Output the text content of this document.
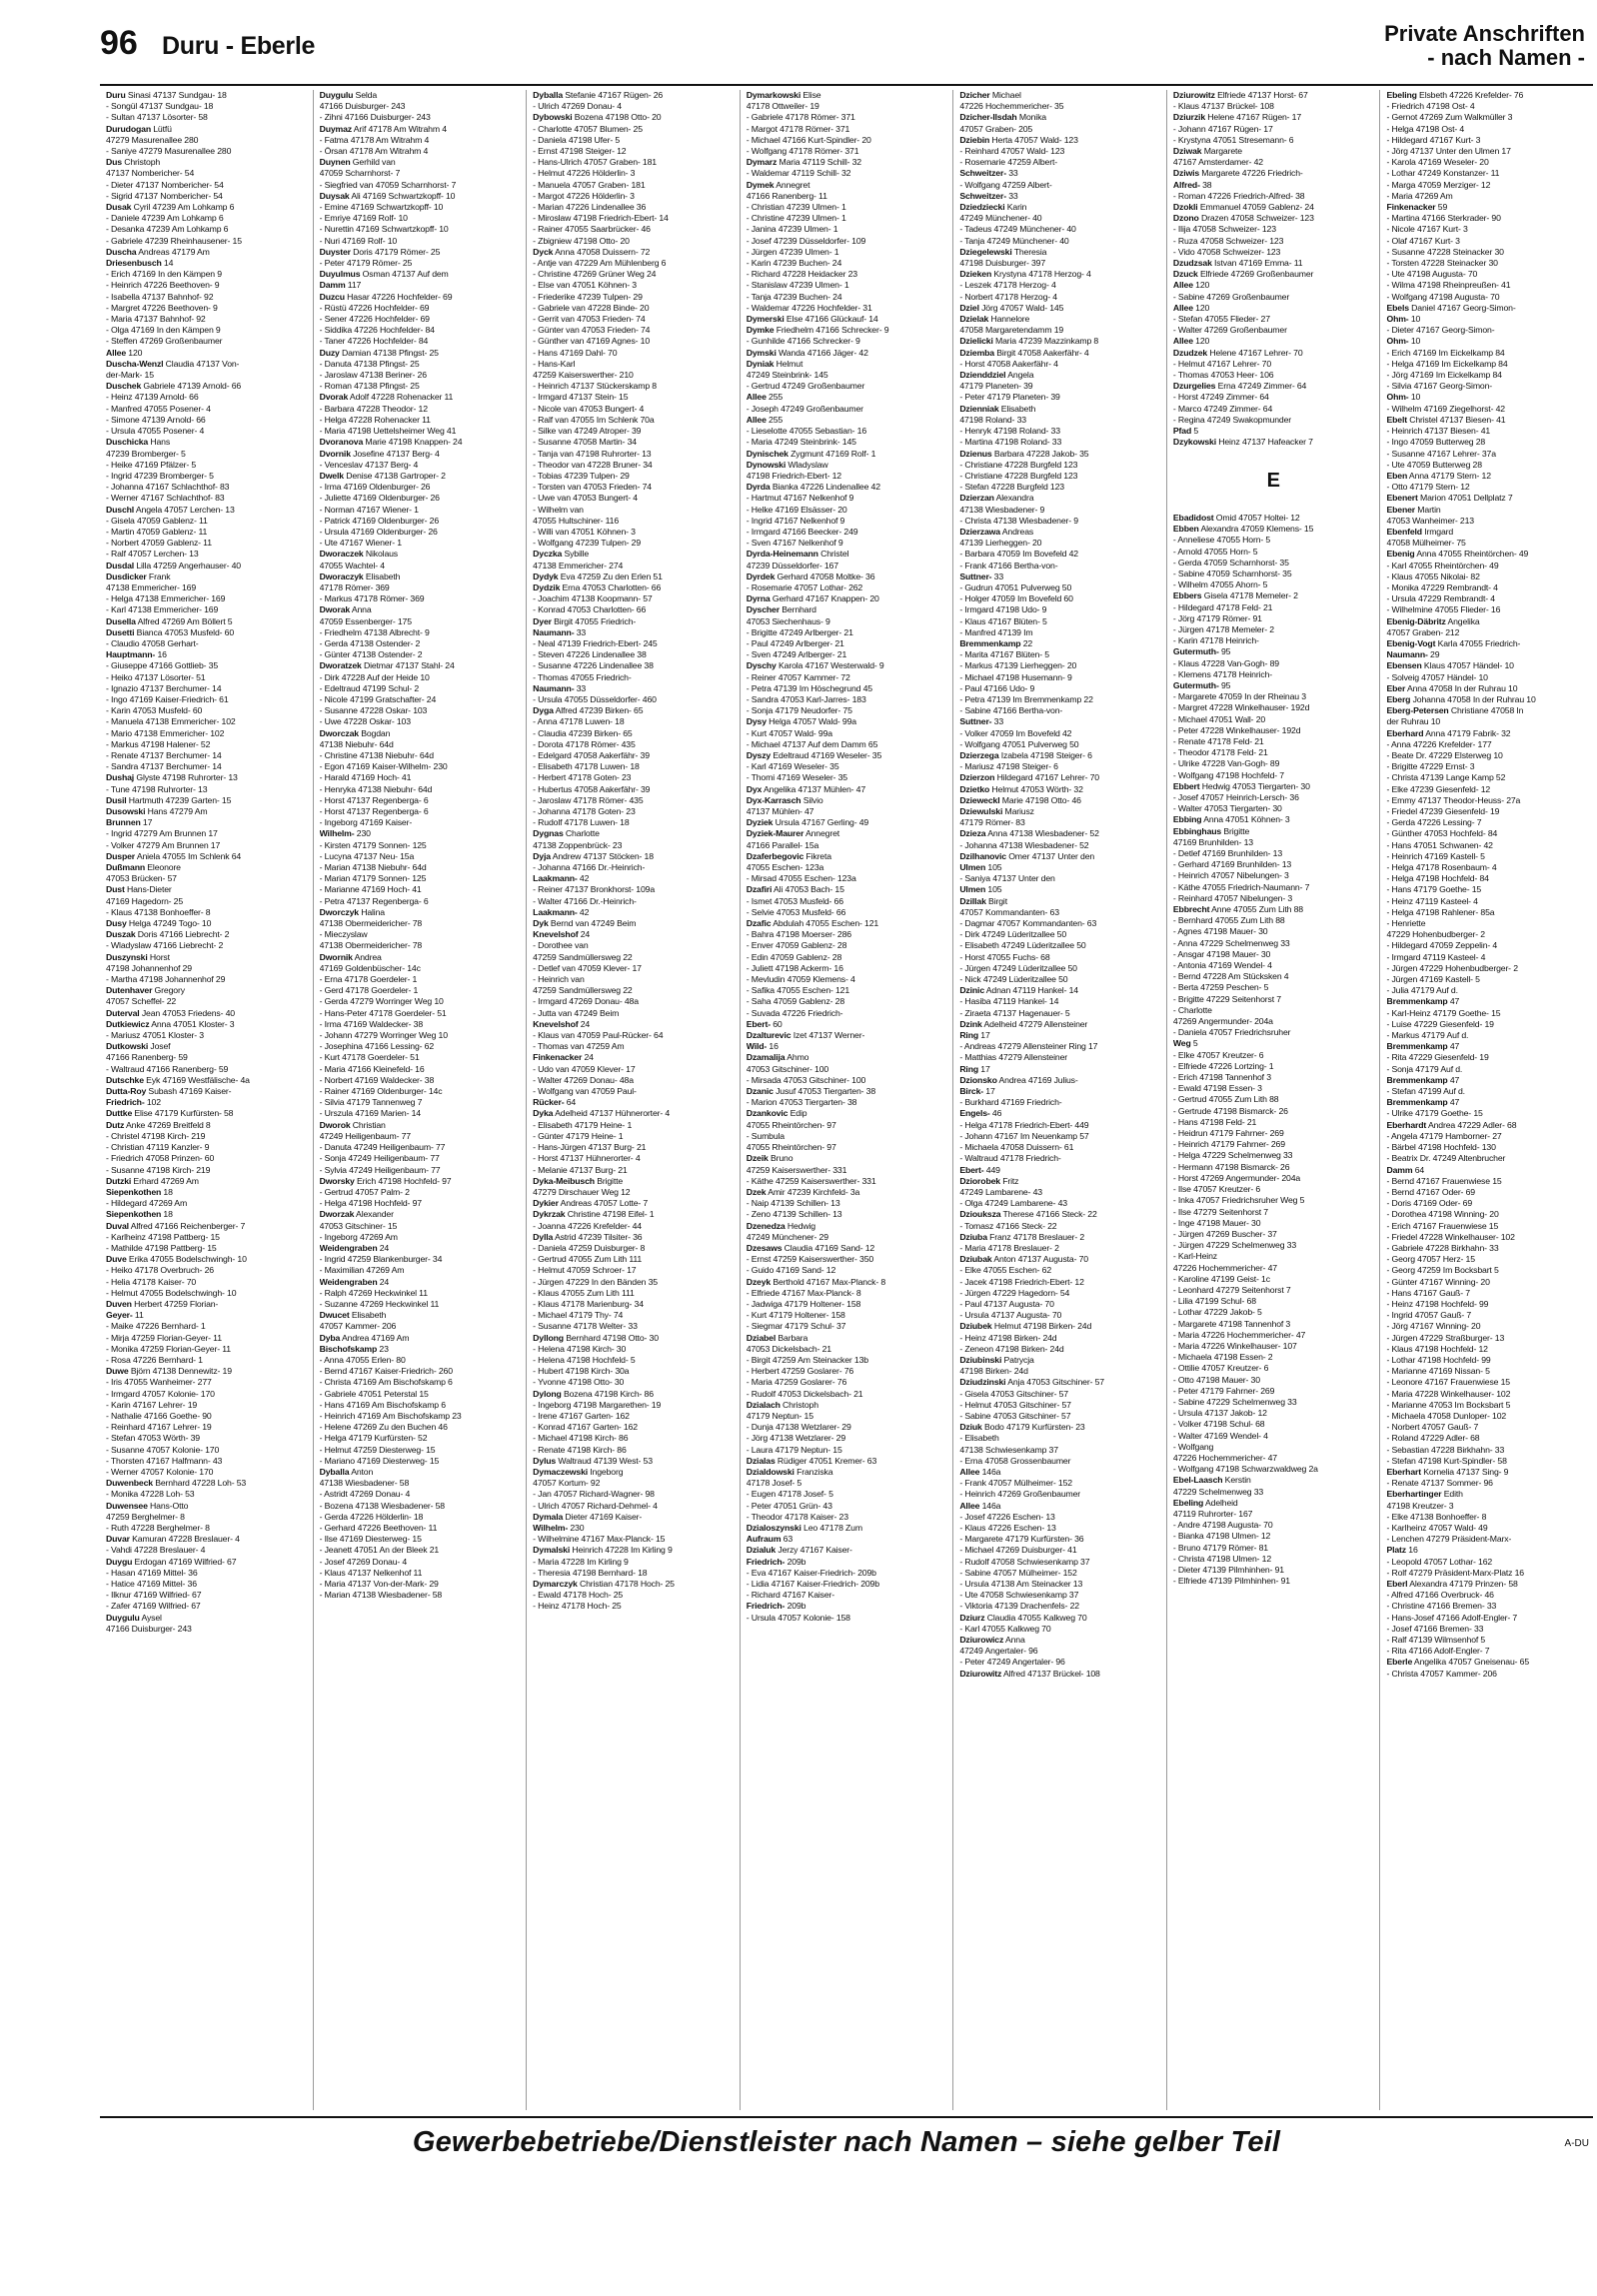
96 Duru - Eberle	Private Anschriften
- nach Namen -
Duru Sinasi 47137 Sundgau- 18
- Songül 47137 Sundgau- 18
- Sultan 47137 Lösorter- 58
Durudogan Lütfü
47279 Masurenallee 280
- Saniye 47279 Masurenallee 280
Dus Christoph
47137 Nombericher- 54
- Dieter 47137 Nombericher- 54
- Sigrid 47137 Nombericher- 54
Dusak Cyril 47239 Am Lohkamp 6
- Daniele 47239 Am Lohkamp 6
- Desanka 47239 Am Lohkamp 6
- Gabriele 47239 Rheinhausener- 15
Duscha Andreas 47179 Am
Driesenbusch 14
- Erich 47169 In den Kämpen 9
- Heinrich 47226 Beethoven- 9
- Isabella 47137 Bahnhof- 92
- Margret 47226 Beethoven- 9
- Maria 47137 Bahnhof- 92
- Olga 47169 In den Kämpen 9
- Steffen 47269 Großenbaumer
Allee 120
Duscha-Wenzl Claudia 47137 Von-
der-Mark- 15
Duschek Gabriele 47139 Arnold- 66
- Heinz 47139 Arnold- 66
- Manfred 47055 Posener- 4
- Simone 47139 Arnold- 66
- Ursula 47055 Posener- 4
Duschicka Hans
47239 Bromberger- 5
- Heike 47169 Pfälzer- 5
- Ingrid 47239 Bromberger- 5
- Johanna 47167 Schlachthof- 83
- Werner 47167 Schlachthof- 83
Duschl Angela 47057 Lerchen- 13
- Gisela 47059 Gablenz- 11
- Martin 47059 Gablenz- 11
- Norbert 47059 Gablenz- 11
- Ralf 47057 Lerchen- 13
Dusdal Lilla 47259 Angerhauser- 40
Dusdicker Frank
47138 Emmericher- 169
- Helga 47138 Emmericher- 169
- Karl 47138 Emmericher- 169
Dusella Alfred 47269 Am Böllert 5
Dusetti Bianca 47053 Musfeld- 60
- Claudio 47058 Gerhart-
Hauptmann- 16
- Giuseppe 47166 Gottlieb- 35
- Heiko 47137 Lösorter- 51
- Ignazio 47137 Berchumer- 14
- Ingo 47169 Kaiser-Friedrich- 61
- Karin 47053 Musfeld- 60
- Manuela 47138 Emmericher- 102
- Mario 47138 Emmericher- 102
- Markus 47198 Halener- 52
- Renate 47137 Berchumer- 14
- Sandra 47137 Berchumer- 14
Dushaj Glyste 47198 Ruhrorter- 13
- Tune 47198 Ruhrorter- 13
Dusil Hartmuth 47239 Garten- 15
Dusowski Hans 47279 Am
Brunnen 17
- Ingrid 47279 Am Brunnen 17
- Volker 47279 Am Brunnen 17
Dusper Aniela 47055 Im Schlenk 64
Dußmann Eleonore
47053 Brücken- 57
Dust Hans-Dieter
47169 Hagedorn- 25
- Klaus 47138 Bonhoeffer- 8
Dusy Helga 47249 Togo- 10
Duszak Doris 47166 Liebrecht- 2
- Wladyslaw 47166 Liebrecht- 2
Duszynski Horst
47198 Johannenhof 29
- Martha 47198 Johannenhof 29
Dutenhaver Gregory
47057 Scheffel- 22
Duterval Jean 47053 Friedens- 40
Dutkiewicz Anna 47051 Kloster- 3
- Mariusz 47051 Kloster- 3
Dutkowski Josef
47166 Ranenberg- 59
- Waltraud 47166 Ranenberg- 59
Dutschke Eyk 47169 Westfälische- 4a
Dutta-Roy Subash 47169 Kaiser-
Friedrich- 102
Duttke Elise 47179 Kurfürsten- 58
Dutz Anke 47269 Breitfeld 8
- Christel 47198 Kirch- 219
- Christian 47119 Kanzler- 9
- Friedrich 47058 Prinzen- 60
- Susanne 47198 Kirch- 219
Dutzki Erhard 47269 Am
Siepenkothen 18
- Hildegard 47269 Am
Siepenkothen 18
Duval Alfred 47166 Reichenberger- 7
- Karlheinz 47198 Pattberg- 15
- Mathilde 47198 Pattberg- 15
Duve Erika 47055 Bodelschwingh- 10
- Heiko 47178 Overbruch- 26
- Helia 47178 Kaiser- 70
- Helmut 47055 Bodelschwingh- 10
Duven Herbert 47259 Florian-
Geyer- 11
- Maike 47226 Bernhard- 1
- Mirja 47259 Florian-Geyer- 11
- Monika 47259 Florian-Geyer- 11
- Rosa 47226 Bernhard- 1
Duwe Björn 47138 Dennewitz- 19
- Iris 47055 Wanheimer- 277
- Irmgard 47057 Kolonie- 170
- Karin 47167 Lehrer- 19
- Nathalie 47166 Goethe- 90
- Reinhard 47167 Lehrer- 19
- Stefan 47053 Wörth- 39
- Susanne 47057 Kolonie- 170
- Thorsten 47167 Halfmann- 43
- Werner 47057 Kolonie- 170
Duwenbeck Bernhard 47228 Loh- 53
- Monika 47228 Loh- 53
Duwensee Hans-Otto
47259 Berghelmer- 8
- Ruth 47228 Berghelmer- 8
Duvar Kamuran 47228 Breslauer- 4
- Vahdi 47228 Breslauer- 4
Duygu Erdogan 47169 Wilfried- 67
- Hasan 47169 Mittel- 36
- Hatice 47169 Mittel- 36
- Ilknur 47169 Wilfried- 67
- Zafer 47169 Wilfried- 67
Duygulu Aysel
47166 Duisburger- 243
Duygulu Selda
47166 Duisburger- 243
- Zihni 47166 Duisburger- 243
Duymaz Arif 47178 Am Witrahm 4
- Fatma 47178 Am Witrahm 4
- Örsan 47178 Am Witrahm 4
Duynen Gerhild van
47059 Scharnhorst- 7
- Siegfried van 47059 Scharnhorst- 7
Duysak Ali 47169 Schwartzkopff- 10
- Emine 47169 Schwartzkopff- 10
- Emriye 47169 Rolf- 10
- Nurettin 47169 Schwartzkopff- 10
- Nuri 47169 Rolf- 10
Duyster Doris 47179 Römer- 25
- Peter 47179 Römer- 25
Duyulmus Osman 47137 Auf dem
Damm 117
Duzcu Hasar 47226 Hochfelder- 69
- Rüstü 47226 Hochfelder- 69
- Sener 47226 Hochfelder- 69
- Siddika 47226 Hochfelder- 84
- Taner 47226 Hochfelder- 84
Duzy Damian 47138 Pfingst- 25
- Danuta 47138 Pfingst- 25
- Jaroslaw 47138 Beriner- 26
- Roman 47138 Pfingst- 25
Dvorak Adolf 47228 Rohenacker 11
- Barbara 47228 Theodor- 12
- Helga 47228 Rohenacker 11
- Maria 47198 Uettelsheimer Weg 41
Dvoranova Marie 47198 Knappen- 24
Dvornik Josefine 47137 Berg- 4
- Venceslav 47137 Berg- 4
Dwelk Denise 47138 Gartroper- 2
- Irma 47169 Oldenburger- 26
- Juliette 47169 Oldenburger- 26
- Norman 47167 Wiener- 1
- Patrick 47169 Oldenburger- 26
- Ursula 47169 Oldenburger- 26
- Ute 47167 Wiener- 1
Dworaczek Nikolaus
47055 Wachtel- 4
Dworaczyk Elisabeth
47178 Römer- 369
- Markus 47178 Römer- 369
Dworak Anna
47059 Essenberger- 175
- Friedhelm 47138 Albrecht- 9
- Gerda 47138 Ostender- 2
- Günter 47138 Ostender- 2
Dworatzek Dietmar 47137 Stahl- 24
- Dirk 47228 Auf der Heide 10
- Edeltraud 47199 Schul- 2
- Nicole 47199 Gratschafter- 24
- Susanne 47228 Oskar- 103
- Uwe 47228 Oskar- 103
Dworczak Bogdan
47138 Niebuhr- 64d
- Christine 47138 Niebuhr- 64d
- Egon 47169 Kaiser-Wilhelm- 230
- Harald 47169 Hoch- 41
- Henryka 47138 Niebuhr- 64d
- Horst 47137 Regenberga- 6
- Horst 47137 Regenberga- 6
- Ingeborg 47169 Kaiser-
Wilhelm- 230
- Kirsten 47179 Sonnen- 125
- Lucyna 47137 Neu- 15a
- Marian 47138 Niebuhr- 64d
- Marian 47179 Sonnen- 125
- Marianne 47169 Hoch- 41
- Petra 47137 Regenberga- 6
Dworczyk Halina
47138 Obermeidericher- 78
- Mieczyslaw
47138 Obermeidericher- 78
Dwornik Andrea
47169 Goldenbüscher- 14c
- Erna 47178 Goerdeler- 1
- Gerd 47178 Goerdeler- 1
- Gerda 47279 Worringer Weg 10
- Hans-Peter 47178 Goerdeler- 51
- Irma 47169 Waldecker- 38
- Johann 47279 Worringer Weg 10
- Josephina 47166 Lessing- 62
- Kurt 47178 Goerdeler- 51
- Maria 47166 Kleinefeld- 16
- Norbert 47169 Waldecker- 38
- Rainer 47169 Oldenburger- 14c
- Silvia 47179 Tannenweg 7
- Urszula 47169 Marien- 14
Dworok Christian
47249 Heiligenbaum- 77
- Danuta 47249 Heiligenbaum- 77
- Sonja 47249 Heiligenbaum- 77
- Sylvia 47249 Heiligenbaum- 77
Dworsky Erich 47198 Hochfeld- 97
- Gertrud 47057 Palm- 2
- Helga 47198 Hochfeld- 97
Dworzak Alexander
47053 Gitschiner- 15
- Ingeborg 47269 Am
Weidengraben 24
- Ingrid 47259 Blankenburger- 34
- Maximilian 47269 Am
Weidengraben 24
- Ralph 47269 Heckwinkel 11
- Suzanne 47269 Heckwinkel 11
Dwucet Elisabeth
47057 Kammer- 206
Dyba Andrea 47169 Am
Bischofskamp 23
- Anna 47055 Erlen- 80
- Bernd 47167 Kaiser-Friedrich- 260
- Christa 47169 Am Bischofskamp 6
- Gabriele 47051 Peterstal 15
- Hans 47169 Am Bischofskamp 6
- Heinrich 47169 Am Bischofskamp 23
- Helene 47269 Zu den Buchen 46
- Helga 47179 Kurfürsten- 52
- Helmut 47259 Diesterweg- 15
- Mariano 47169 Diesterweg- 15
Dyballa Anton
47138 Wiesbadener- 58
- Astridt 47269 Donau- 4
- Bozena 47138 Wiesbadener- 58
- Gerda 47226 Hölderlin- 18
- Gerhard 47226 Beethoven- 11
- Ilse 47169 Diesterweg- 15
- Jeanett 47051 An der Bleek 21
- Josef 47269 Donau- 4
- Klaus 47137 Nelkenhof 11
- Maria 47137 Von-der-Mark- 29
- Marian 47138 Wiesbadener- 58
Dyballa Stefanie 47167 Rügen- 26
- Ulrich 47269 Donau- 4
Dybowski Bozena 47198 Otto- 20
- Charlotte 47057 Blumen- 25
- Daniela 47198 Ufer- 5
- Ernst 47198 Steiger- 12
- Hans-Ulrich 47057 Graben- 181
- Helmut 47226 Hölderlin- 3
- Manuela 47057 Graben- 181
- Margot 47226 Hölderlin- 3
- Marian 47226 Lindenallee 36
- Miroslaw 47198 Friedrich-Ebert- 14
- Rainer 47055 Saarbrücker- 46
- Zbigniew 47198 Otto- 20
Dyck Anna 47058 Duissern- 72
- Antje van 47229 Am Mühlenberg 6
- Christine 47269 Grüner Weg 24
- Else van 47051 Köhnen- 3
- Friederike 47239 Tulpen- 29
- Gabriele van 47228 Binde- 20
- Gerrit van 47053 Frieden- 74
- Günter van 47053 Frieden- 74
- Günther van 47169 Agnes- 10
- Hans 47169 Dahl- 70
- Hans-Karl
47259 Kaiserswerther- 210
- Heinrich 47137 Stückerskamp 8
- Irmgard 47137 Stein- 15
- Nicole van 47053 Bungert- 4
- Ralf van 47055 Im Schlenk 70a
- Silke van 47249 Atroper- 39
- Susanne 47058 Martin- 34
- Tanja van 47198 Ruhrorter- 13
- Theodor van 47228 Bruner- 34
- Tobias 47239 Tulpen- 29
- Torsten van 47053 Frieden- 74
- Uwe van 47053 Bungert- 4
- Wilhelm van
47055 Hultschiner- 116
- Willi van 47051 Köhnen- 3
- Wolfgang 47239 Tulpen- 29
Dyczka Sybille
47138 Emmericher- 274
Dydyk Eva 47259 Zu den Erlen 51
Dydzik Erna 47053 Charlotten- 66
- Joachim 47138 Koopmann- 57
- Konrad 47053 Charlotten- 66
Dyer Birgit 47055 Friedrich-
Naumann- 33
- Neal 47139 Friedrich-Ebert- 245
- Steven 47226 Lindenallee 38
- Susanne 47226 Lindenallee 38
- Thomas 47055 Friedrich-
Naumann- 33
- Ursula 47055 Düsseldorfer- 460
Dyga Alfred 47239 Birken- 65
- Anna 47178 Luwen- 18
- Claudia 47239 Birken- 65
- Dorota 47178 Römer- 435
- Edelgard 47058 Aakerfähr- 39
- Elisabeth 47178 Luwen- 18
- Herbert 47178 Goten- 23
- Hubertus 47058 Aakerfähr- 39
- Jaroslaw 47178 Römer- 435
- Johanna 47178 Goten- 23
- Rudolf 47178 Luwen- 18
Dygnas Charlotte
47138 Zoppenbrück- 23
Dyja Andrew 47137 Stöcken- 18
- Johanna 47166 Dr.-Heinrich-
Laakmann- 42
- Reiner 47137 Bronkhorst- 109a
- Walter 47166 Dr.-Heinrich-
Laakmann- 42
Dyk Bernd van 47249 Beim
Knevelshof 24
- Dorothee van
47259 Sandmüllersweg 22
- Detlef van 47059 Klever- 17
- Heinrich van
47259 Sandmüllersweg 22
- Irmgard 47269 Donau- 48a
- Jutta van 47249 Beim
Knevelshof 24
- Klaus van 47059 Paul-Rücker- 64
- Thomas van 47259 Am
Finkenacker 24
- Udo van 47059 Klever- 17
- Walter 47269 Donau- 48a
- Wolfgang van 47059 Paul-
Rücker- 64
Dyka Adelheid 47137 Hühnerorter- 4
- Elisabeth 47179 Heine- 1
- Günter 47179 Heine- 1
- Hans-Jürgen 47137 Burg- 21
- Horst 47137 Hühnerorter- 4
- Melanie 47137 Burg- 21
Dyka-Meibusch Brigitte
47279 Dirschauer Weg 12
Dykier Andreas 47057 Lotte- 7
Dykrzak Christine 47198 Eifel- 1
- Joanna 47226 Krefelder- 44
Dylla Astrid 47239 Tilsiter- 36
- Daniela 47259 Duisburger- 8
- Gertrud 47055 Zum Lith 111
- Helmut 47059 Schroer- 17
- Jürgen 47229 In den Bänden 35
- Klaus 47055 Zum Lith 111
- Klaus 47178 Marienburg- 34
- Michael 47179 Thy- 74
- Susanne 47178 Welter- 33
Dyllong Bernhard 47198 Otto- 30
- Helena 47198 Kirch- 30
- Helena 47198 Hochfeld- 5
- Hubert 47198 Kirch- 30a
- Yvonne 47198 Otto- 30
Dylong Bozena 47198 Kirch- 86
- Ingeborg 47198 Margarethen- 19
- Irene 47167 Garten- 162
- Konrad 47167 Garten- 162
- Michael 47198 Kirch- 86
- Renate 47198 Kirch- 86
Dylus Waltraud 47139 West- 53
Dymaczewski Ingeborg
47057 Kortum- 92
- Jan 47057 Richard-Wagner- 98
- Ulrich 47057 Richard-Dehmel- 4
Dymala Dieter 47169 Kaiser-
Wilhelm- 230
- Wilhelmine 47167 Max-Planck- 15
Dymalski Heinrich 47228 Im Kirling 9
- Maria 47228 Im Kirling 9
- Theresia 47198 Bernhard- 18
Dymarczyk Christian 47178 Hoch- 25
- Ewald 47178 Hoch- 25
- Heinz 47178 Hoch- 25
Dymarkowski Elise
47178 Ottweiler- 19
- Gabriele 47178 Römer- 371
- Margot 47178 Römer- 371
- Michael 47166 Kurt-Spindler- 20
- Wolfgang 47178 Römer- 371
Dymarz Maria 47119 Schill- 32
- Waldemar 47119 Schill- 32
Dymek Annegret
47166 Ranenberg- 11
- Christian 47239 Ulmen- 1
- Christine 47239 Ulmen- 1
- Janina 47239 Ulmen- 1
- Josef 47239 Düsseldorfer- 109
- Jürgen 47239 Ulmen- 1
- Karin 47239 Buchen- 24
- Richard 47228 Heidacker 23
- Stanislaw 47239 Ulmen- 1
- Tanja 47239 Buchen- 24
- Waldemar 47226 Hochfelder- 31
Dymerski Else 47166 Glückauf- 14
Dymke Friedhelm 47166 Schrecker- 9
- Gunhilde 47166 Schrecker- 9
Dymski Wanda 47166 Jäger- 42
Dyniak Helmut
47249 Steinbrink- 145
- Gertrud 47249 Großenbaumer
Allee 255
- Joseph 47249 Großenbaumer
Allee 255
- Lieselotte 47055 Sebastian- 16
- Maria 47249 Steinbrink- 145
Dynischek Zygmunt 47169 Rolf- 1
Dynowski Wladyslaw
47198 Friedrich-Ebert- 12
Dyrda Bianka 47226 Lindenallee 42
- Hartmut 47167 Nelkenhof 9
- Helke 47169 Elsässer- 20
- Ingrid 47167 Nelkenhof 9
- Irmgard 47166 Beecker- 249
- Sven 47167 Nelkenhof 9
Dyrda-Heinemann Christel
47239 Düsseldorfer- 167
Dyrdek Gerhard 47058 Moltke- 36
- Rosemarie 47057 Lothar- 262
Dyrna Gerhard 47167 Knappen- 20
Dyscher Bernhard
47053 Siechenhaus- 9
- Brigitte 47249 Arlberger- 21
- Paul 47249 Arlberger- 21
- Sven 47249 Arlberger- 21
Dyschy Karola 47167 Westerwald- 9
- Reiner 47057 Kammer- 72
- Petra 47139 Im Höschegrund 45
- Sandra 47053 Karl-Jarres- 183
- Sonja 47179 Neudorfer- 75
Dysy Helga 47057 Wald- 99a
- Kurt 47057 Wald- 99a
- Michael 47137 Auf dem Damm 65
Dyszy Edeltraud 47169 Weseler- 35
- Karl 47169 Weseler- 35
- Thomi 47169 Weseler- 35
Dyx Angelika 47137 Mühlen- 47
Dyx-Karrasch Silvio
47137 Mühlen- 47
Dyziek Ursula 47167 Gerling- 49
Dyziek-Maurer Annegret
47166 Parallel- 15a
Dzaferbegovic Fikreta
47055 Eschen- 123a
- Mirsad 47055 Eschen- 123a
Dzafiri Ali 47053 Bach- 15
- Ismet 47053 Musfeld- 66
- Selvie 47053 Musfeld- 66
Dzafic Abdulah 47055 Eschen- 121
- Bahra 47198 Moerser- 286
- Enver 47059 Gablenz- 28
- Edin 47059 Gablenz- 28
- Juliett 47198 Ackerm- 16
- Mevludin 47059 Klemens- 4
- Safika 47055 Eschen- 121
- Saha 47059 Gablenz- 28
- Suvada 47226 Friedrich-
Ebert- 60
Dzalturevic Izet 47137 Werner-
Wild- 16
Dzamalija Ahmo
47053 Gitschiner- 100
- Mirsada 47053 Gitschiner- 100
Dzanic Jusuf 47053 Tiergarten- 38
- Marion 47053 Tiergarten- 38
Dzankovic Edip
47055 Rheintörchen- 97
- Sumbula
47055 Rheintörchen- 97
Dzeik Bruno
47259 Kaiserswerther- 331
- Käthe 47259 Kaiserswerther- 331
Dzek Amir 47239 Kirchfeld- 3a
- Naip 47139 Schillen- 13
- Zeno 47139 Schillen- 13
Dzenedza Hedwig
47249 Münchener- 29
Dzesaws Claudia 47169 Sand- 12
- Ernst 47259 Kaiserswerther- 350
- Guido 47169 Sand- 12
Dzeyk Berthold 47167 Max-Planck- 8
- Elfriede 47167 Max-Planck- 8
- Jadwiga 47179 Holtener- 158
- Kurt 47179 Holtener- 158
- Siegmar 47179 Schul- 37
Dziabel Barbara
47053 Dickelsbach- 21
- Birgit 47259 Am Steinacker 13b
- Herbert 47259 Goslarer- 76
- Maria 47259 Goslarer- 76
- Rudolf 47053 Dickelsbach- 21
Dzialach Christoph
47179 Neptun- 15
- Dunja 47138 Wetzlarer- 29
- Jörg 47138 Wetzlarer- 29
- Laura 47179 Neptun- 15
Dzialas Rüdiger 47051 Kremer- 63
Dzialdowski Franziska
47178 Josef- 5
- Eugen 47178 Josef- 5
- Peter 47051 Grün- 43
- Theodor 47178 Kaiser- 23
Dzialoszynski Leo 47178 Zum
Aufraum 63
Dzialuk Jerzy 47167 Kaiser-
Friedrich- 209b
- Eva 47167 Kaiser-Friedrich- 209b
- Lidia 47167 Kaiser-Friedrich- 209b
- Richard 47167 Kaiser-
Friedrich- 209b
- Ursula 47057 Kolonie- 158
Dzicher Michael
47226 Hochemmericher- 35
Dzicher-Ilsdah Monika
47057 Graben- 205
Dziebin Herta 47057 Wald- 123
- Reinhard 47057 Wald- 123
- Rosemarie 47259 Albert-
Schweitzer- 33
- Wolfgang 47259 Albert-
Schweitzer- 33
Dziedziecki Karin
47249 Münchener- 40
- Tadeus 47249 Münchener- 40
- Tanja 47249 Münchener- 40
Dziegelewski Theresia
47198 Duisburger- 397
Dzieken Krystyna 47178 Herzog- 4
- Leszek 47178 Herzog- 4
- Norbert 47178 Herzog- 4
Dziel Jörg 47057 Wald- 145
Dzielak Hannelore
47058 Margaretendamm 19
Dzielicki Maria 47239 Mazzinkamp 8
Dziemba Birgit 47058 Aakerfähr- 4
- Horst 47058 Aakerfähr- 4
Dzienddziel Angela
47179 Planeten- 39
- Peter 47179 Planeten- 39
Dzienniak Elisabeth
47198 Roland- 33
- Henryk 47198 Roland- 33
- Martina 47198 Roland- 33
Dzienus Barbara 47228 Jakob- 35
- Christiane 47228 Burgfeld 123
- Christiane 47228 Burgfeld 123
- Stefan 47228 Burgfeld 123
Dzierzan Alexandra
47138 Wiesbadener- 9
- Christa 47138 Wiesbadener- 9
Dzierzawa Andreas
47139 Lierheggen- 20
- Barbara 47059 Im Bovefeld 42
- Frank 47166 Bertha-von-
Suttner- 33
- Gudrun 47051 Pulverweg 50
- Holger 47059 Im Bovefeld 60
- Irmgard 47198 Udo- 9
- Klaus 47167 Blüten- 5
- Manfred 47139 Im
Bremmenkamp 22
- Marita 47167 Blüten- 5
- Markus 47139 Lierheggen- 20
- Michael 47198 Husemann- 9
- Paul 47166 Udo- 9
- Petra 47139 Im Bremmenkamp 22
- Sabine 47166 Bertha-von-
Suttner- 33
- Volker 47059 Im Bovefeld 42
- Wolfgang 47051 Pulverweg 50
Dzierzega Izabela 47198 Steiger- 6
- Mariusz 47198 Steiger- 6
Dzierzon Hildegard 47167 Lehrer- 70
Dzietko Helmut 47053 Wörth- 32
Dzieweckl Marie 47198 Otto- 46
Dziewulski Mariusz
47179 Römer- 83
Dzieza Anna 47138 Wiesbadener- 52
- Johanna 47138 Wiesbadener- 52
Dzilhanovic Omer 47137 Unter den
Ulmen 105
- Saniya 47137 Unter den
Ulmen 105
Dzillak Birgit
47057 Kommandanten- 63
- Dagmar 47057 Kommandanten- 63
- Dirk 47249 Lüderitzallee 50
- Elisabeth 47249 Lüderitzallee 50
- Horst 47055 Fuchs- 68
- Jürgen 47249 Lüderitzallee 50
- Nick 47249 Lüderitzallee 50
Dzinic Adnan 47119 Hankel- 14
- Hasiba 47119 Hankel- 14
- Ziraeta 47137 Hagenauer- 5
Dzink Adelheid 47279 Allensteiner
Ring 17
- Andreas 47279 Allensteiner Ring 17
- Matthias 47279 Allensteiner
Ring 17
Dzionsko Andrea 47169 Julius-
Birck- 17
- Burkhard 47169 Friedrich-
Engels- 46
- Helga 47178 Friedrich-Ebert- 449
- Johann 47167 Im Neuenkamp 57
- Michaela 47058 Duissern- 61
- Waltraud 47178 Friedrich-
Ebert- 449
Dziorobek Fritz
47249 Lambarene- 43
- Olga 47249 Lambarene- 43
Dziouksza Therese 47166 Steck- 22
- Tomasz 47166 Steck- 22
Dziuba Franz 47178 Breslauer- 2
- Maria 47178 Breslauer- 2
Dziubak Anton 47137 Augusta- 70
- Elke 47055 Eschen- 62
- Jacek 47198 Friedrich-Ebert- 12
- Jürgen 47229 Hagedorn- 54
- Paul 47137 Augusta- 70
- Ursula 47137 Augusta- 70
Dziubek Helmut 47198 Birken- 24d
- Heinz 47198 Birken- 24d
- Zeneon 47198 Birken- 24d
Dziubinski Patrycja
47198 Birken- 24d
Dziudzinski Anja 47053 Gitschiner- 57
- Gisela 47053 Gitschiner- 57
- Helmut 47053 Gitschiner- 57
- Sabine 47053 Gitschiner- 57
Dziuk Bodo 47179 Kurfürsten- 23
- Elisabeth
47138 Schwiesenkamp 37
- Erna 47058 Grossenbaumer
Allee 146a
- Frank 47057 Mülheimer- 152
- Heinrich 47269 Großenbaumer
Allee 146a
- Josef 47226 Eschen- 13
- Klaus 47226 Eschen- 13
- Margarete 47179 Kurfürsten- 36
- Michael 47269 Duisburger- 41
- Rudolf 47058 Schwiesenkamp 37
- Sabine 47057 Mülheimer- 152
- Ursula 47138 Am Steinacker 13
- Ute 47058 Schwiesenkamp 37
- Viktoria 47139 Drachenfels- 22
Dziurz Claudia 47055 Kalkweg 70
- Karl 47055 Kalkweg 70
Dziurowicz Anna
47249 Angertaler- 96
- Peter 47249 Angertaler- 96
Dziurowitz Alfred 47137 Brückel- 108
Dziurowitz Elfriede 47137 Horst- 67
- Klaus 47137 Brückel- 108
Dziurzik Helene 47167 Rügen- 17
- Johann 47167 Rügen- 17
- Krystyna 47051 Stresemann- 6
Dziwak Margarete
47167 Amsterdamer- 42
Dziwis Margarete 47226 Friedrich-
Alfred- 38
- Roman 47226 Friedrich-Alfred- 38
Dzokli Emmanuel 47059 Gablenz- 24
Dzono Drazen 47058 Schweizer- 123
- Ilija 47058 Schweizer- 123
- Ruza 47058 Schweizer- 123
- Vido 47058 Schweizer- 123
Dzudzsak Istvan 47169 Emma- 11
Dzuck Elfriede 47269 Großenbaumer
Allee 120
- Sabine 47269 Großenbaumer
Allee 120
- Stefan 47055 Flieder- 27
- Walter 47269 Großenbaumer
Allee 120
Dzudzek Helene 47167 Lehrer- 70
- Helmut 47167 Lehrer- 70
- Thomas 47053 Heer- 106
Dzurgelies Erna 47249 Zimmer- 64
- Horst 47249 Zimmer- 64
- Marco 47249 Zimmer- 64
- Regina 47249 Swakopmunder
Pfad 5
Dzykowski Heinz 47137 Hafeacker 7

E

Ebadidost Omid 47057 Holtei- 12
Ebben Alexandra 47059 Klemens- 15
- Anneliese 47055 Horn- 5
- Arnold 47055 Horn- 5
- Gerda 47059 Scharnhorst- 35
- Sabine 47059 Scharnhorst- 35
- Wilhelm 47055 Ahorn- 5
Ebbers Gisela 47178 Memeler- 2
- Hildegard 47178 Feld- 21
- Jörg 47179 Römer- 91
- Jürgen 47178 Memeler- 2
- Karin 47178 Heinrich-
Gutermuth- 95
- Klaus 47228 Van-Gogh- 89
- Klemens 47178 Heinrich-
Gutermuth- 95
- Margarete 47059 In der Rheinau 3
- Margret 47228 Winkelhauser- 192d
- Michael 47051 Wall- 20
- Peter 47228 Winkelhauser- 192d
- Renate 47178 Feld- 21
- Theodor 47178 Feld- 21
- Ulrike 47228 Van-Gogh- 89
- Wolfgang 47198 Hochfeld- 7
Ebbert Hedwig 47053 Tiergarten- 30
- Josef 47057 Heinrich-Lersch- 36
- Walter 47053 Tiergarten- 30
Ebbing Anna 47051 Köhnen- 3
Ebbinghaus Brigitte
47169 Brunhilden- 13
- Detlef 47169 Brunhilden- 13
- Gerhard 47169 Brunhilden- 13
- Heinrich 47057 Nibelungen- 3
- Käthe 47055 Friedrich-Naumann- 7
- Reinhard 47057 Nibelungen- 3
Ebbrecht Anne 47055 Zum Lith 88
- Bernhard 47055 Zum Lith 88
- Agnes 47198 Mauer- 30
- Anna 47229 Schelmenweg 33
- Ansgar 47198 Mauer- 30
- Antonia 47169 Wendel- 4
- Bernd 47228 Am Stücksken 4
- Berta 47259 Peschen- 5
- Brigitte 47229 Seitenhorst 7
- Charlotte
47269 Angermunder- 204a
- Daniela 47057 Friedrichsruher
Weg 5
- Elke 47057 Kreutzer- 6
- Elfriede 47226 Lortzing- 1
- Erich 47198 Tannenhof 3
- Ewald 47198 Essen- 3
- Gertrud 47055 Zum Lith 88
- Gertrude 47198 Bismarck- 26
- Hans 47198 Feld- 21
- Heidrun 47179 Fahrner- 269
- Heinrich 47179 Fahrner- 269
- Helga 47229 Schelmenweg 33
- Hermann 47198 Bismarck- 26
- Horst 47269 Angermunder- 204a
- Ilse 47057 Kreutzer- 6
- Inka 47057 Friedrichsruher Weg 5
- Ilse 47279 Seitenhorst 7
- Inge 47198 Mauer- 30
- Jürgen 47269 Buscher- 37
- Jürgen 47229 Schelmenweg 33
- Karl-Heinz
47226 Hochemmericher- 47
- Karoline 47199 Geist- 1c
- Leonhard 47279 Seitenhorst 7
- Lilia 47199 Schul- 68
- Lothar 47229 Jakob- 5
- Margarete 47198 Tannenhof 3
- Maria 47226 Hochemmericher- 47
- Maria 47226 Winkelhauser- 107
- Michaela 47198 Essen- 2
- Ottilie 47057 Kreutzer- 6
- Otto 47198 Mauer- 30
- Peter 47179 Fahrner- 269
- Sabine 47229 Schelmenweg 33
- Ursula 47137 Jakob- 12
- Volker 47198 Schul- 68
- Walter 47169 Wendel- 4
- Wolfgang
47226 Hochemmericher- 47
- Wolfgang 47198 Schwarzwaldweg 2a
Ebel-Laasch Kerstin
47229 Schelmenweg 33
Ebeling Adelheid
47119 Ruhrorter- 167
- Andre 47198 Augusta- 70
- Bianka 47198 Ulmen- 12
- Bruno 47179 Römer- 81
- Christa 47198 Ulmen- 12
- Dieter 47139 Pilmhinhen- 91
- Elfriede 47139 Pilmhinhen- 91
Ebeling Elsbeth 47226 Krefelder- 76
- Friedrich 47198 Ost- 4
- Gernot 47269 Zum Walkmüller 3
- Helga 47198 Ost- 4
- Hildegard 47167 Kurt- 3
- Jörg 47137 Unter den Ulmen 17
- Karola 47169 Weseler- 20
- Lothar 47249 Konstanzer- 11
- Marga 47059 Merziger- 12
- Maria 47269 Am
Finkenacker 59
- Martina 47166 Sterkrader- 90
- Nicole 47167 Kurt- 3
- Olaf 47167 Kurt- 3
- Susanne 47228 Steinacker 30
- Torsten 47228 Steinacker 30
- Ute 47198 Augusta- 70
- Wilma 47198 Rheinpreußen- 41
- Wolfgang 47198 Augusta- 70
Ebels Daniel 47167 Georg-Simon-
Ohm- 10
- Dieter 47167 Georg-Simon-
Ohm- 10
- Erich 47169 Im Eickelkamp 84
- Helga 47169 Im Eickelkamp 84
- Jörg 47169 Im Eickelkamp 84
- Silvia 47167 Georg-Simon-
Ohm- 10
- Wilhelm 47169 Ziegelhorst- 42
Ebelt Christel 47137 Biesen- 41
- Heinrich 47137 Biesen- 41
- Ingo 47059 Butterweg 28
- Susanne 47167 Lehrer- 37a
- Ute 47059 Butterweg 28
Eben Anna 47179 Stern- 12
- Otto 47179 Stern- 12
Ebenert Marion 47051 Dellplatz 7
Ebener Martin
47053 Wanheimer- 213
Ebenfeld Irmgard
47058 Mülheimer- 75
Ebenig Anna 47055 Rheintörchen- 49
- Karl 47055 Rheintörchen- 49
- Klaus 47055 Nikolai- 82
- Monika 47229 Rembrandt- 4
- Ursula 47229 Rembrandt- 4
- Wilhelmine 47055 Flieder- 16
Ebenig-Däbritz Angelika
47057 Graben- 212
Ebenig-Vogt Karla 47055 Friedrich-
Naumann- 29
Ebensen Klaus 47057 Händel- 10
- Solveig 47057 Händel- 10
Eber Anna 47058 In der Ruhrau 10
Eberg Johanna 47058 In der Ruhrau 10
Eberg-Petersen Christiane 47058 In
der Ruhrau 10
Eberhard Anna 47179 Fabrik- 32
- Anna 47226 Krefelder- 177
- Beate Dr. 47229 Elsterweg 10
- Brigitte 47229 Ernst- 3
- Christa 47139 Lange Kamp 52
- Elke 47239 Giesenfeld- 12
- Emmy 47137 Theodor-Heuss- 27a
- Friedel 47239 Giesenfeld- 19
- Gerda 47226 Lessing- 7
- Günther 47053 Hochfeld- 84
- Hans 47051 Schwanen- 42
- Heinrich 47169 Kastell- 5
- Helga 47178 Rosenbaum- 4
- Helga 47198 Hochfeld- 84
- Hans 47179 Goethe- 15
- Heinz 47119 Kasteel- 4
- Helga 47198 Rahlener- 85a
- Henriette
47229 Hohenbudberger- 2
- Hildegard 47059 Zeppelin- 4
- Irmgard 47119 Kasteel- 4
- Jürgen 47229 Hohenbudberger- 2
- Jürgen 47169 Kastell- 5
- Julia 47179 Auf d.
Bremmenkamp 47
- Karl-Heinz 47179 Goethe- 15
- Luise 47229 Giesenfeld- 19
- Markus 47179 Auf d.
Bremmenkamp 47
- Rita 47229 Giesenfeld- 19
- Sonja 47179 Auf d.
Bremmenkamp 47
- Stefan 47199 Auf d.
Bremmenkamp 47
- Ulrike 47179 Goethe- 15
Eberhardt Andrea 47229 Adler- 68
- Angela 47179 Hamborner- 27
- Bärbel 47198 Hochfeld- 130
- Beatrix Dr. 47249 Altenbrucher
Damm 64
- Bernd 47167 Frauenwiese 15
- Bernd 47167 Oder- 69
- Doris 47169 Oder- 69
- Dorothea 47198 Winning- 20
- Erich 47167 Frauenwiese 15
- Friedel 47228 Winkelhauser- 102
- Gabriele 47228 Birkhahn- 33
- Georg 47057 Herz- 15
- Georg 47259 Im Bocksbart 5
- Günter 47167 Winning- 20
- Hans 47167 Gauß- 7
- Heinz 47198 Hochfeld- 99
- Ingrid 47057 Gauß- 7
- Jörg 47167 Winning- 20
- Jürgen 47229 Straßburger- 13
- Klaus 47198 Hochfeld- 12
- Lothar 47198 Hochfeld- 99
- Marianne 47169 Nissan- 5
- Leonore 47167 Frauenwiese 15
- Maria 47228 Winkelhauser- 102
- Marianne 47053 Im Bocksbart 5
- Michaela 47058 Dunloper- 102
- Norbert 47057 Gauß- 7
- Roland 47229 Adler- 68
- Sebastian 47228 Birkhahn- 33
- Stefan 47198 Kurt-Spindler- 58
Eberhart Kornelia 47137 Sing- 9
- Renate 47137 Sommer- 96
Eberhartinger Edith
47198 Kreutzer- 3
- Elke 47138 Bonhoeffer- 8
- Karlheinz 47057 Wald- 49
- Lenchen 47279 Präsident-Marx-
Platz 16
- Leopold 47057 Lothar- 162
- Rolf 47279 Präsident-Marx-Platz 16
Eberl Alexandra 47179 Prinzen- 58
- Alfred 47166 Overbruck- 46
- Christine 47166 Bremen- 33
- Hans-Josef 47166 Adolf-Engler- 7
- Josef 47166 Bremen- 33
- Ralf 47139 Wilmsenhof 5
- Rita 47166 Adolf-Engler- 7
Eberle Angelika 47057 Gneisenau- 65
- Christa 47057 Kammer- 206
Gewerbebetriebe/Dienstleister nach Namen – siehe gelber Teil	A-DU
